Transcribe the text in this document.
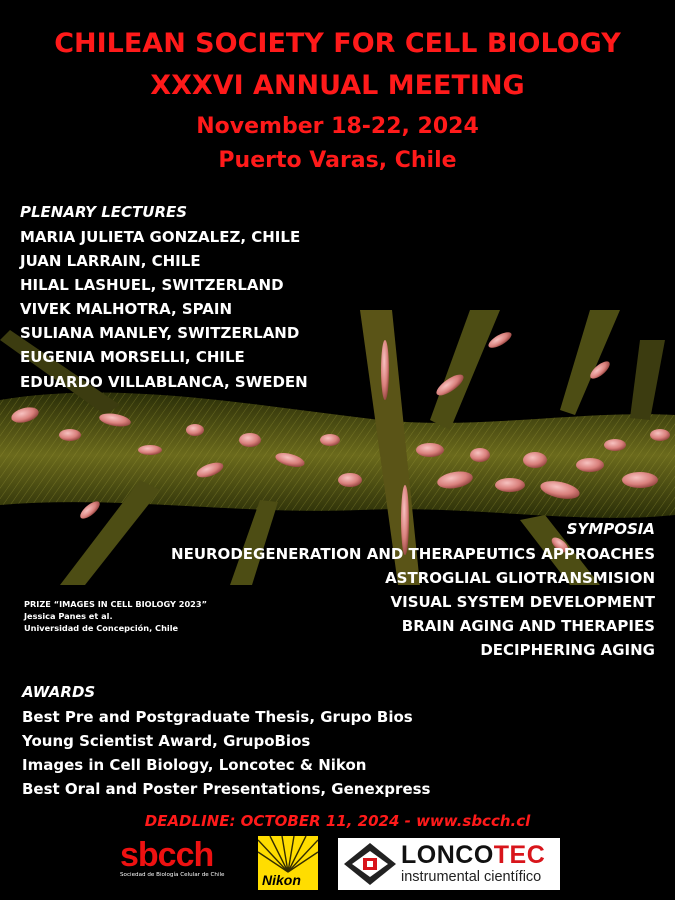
CHILEAN SOCIETY FOR CELL BIOLOGY
XXXVI ANNUAL MEETING
November 18-22, 2024
Puerto Varas, Chile
PLENARY LECTURES
MARIA JULIETA GONZALEZ, CHILE
JUAN LARRAIN, CHILE
HILAL LASHUEL, SWITZERLAND
VIVEK MALHOTRA, SPAIN
SULIANA MANLEY, SWITZERLAND
EUGENIA MORSELLI, CHILE
EDUARDO VILLABLANCA, SWEDEN
SYMPOSIA
NEURODEGENERATION AND THERAPEUTICS APPROACHES
ASTROGLIAL GLIOTRANSMISION
VISUAL SYSTEM DEVELOPMENT
BRAIN AGING AND THERAPIES
DECIPHERING AGING
PRIZE “IMAGES IN CELL BIOLOGY 2023”
Jessica Panes et al.
Universidad de Concepción, Chile
AWARDS
Best Pre and Postgraduate Thesis, Grupo Bios
Young Scientist Award, GrupoBios
Images in Cell Biology, Loncotec & Nikon
Best Oral and Poster Presentations, Genexpress
DEADLINE: OCTOBER 11, 2024 - www.sbcch.cl
sbcch
Sociedad de Biología Celular de Chile	Nikon
LONCOTEC
instrumental científico
